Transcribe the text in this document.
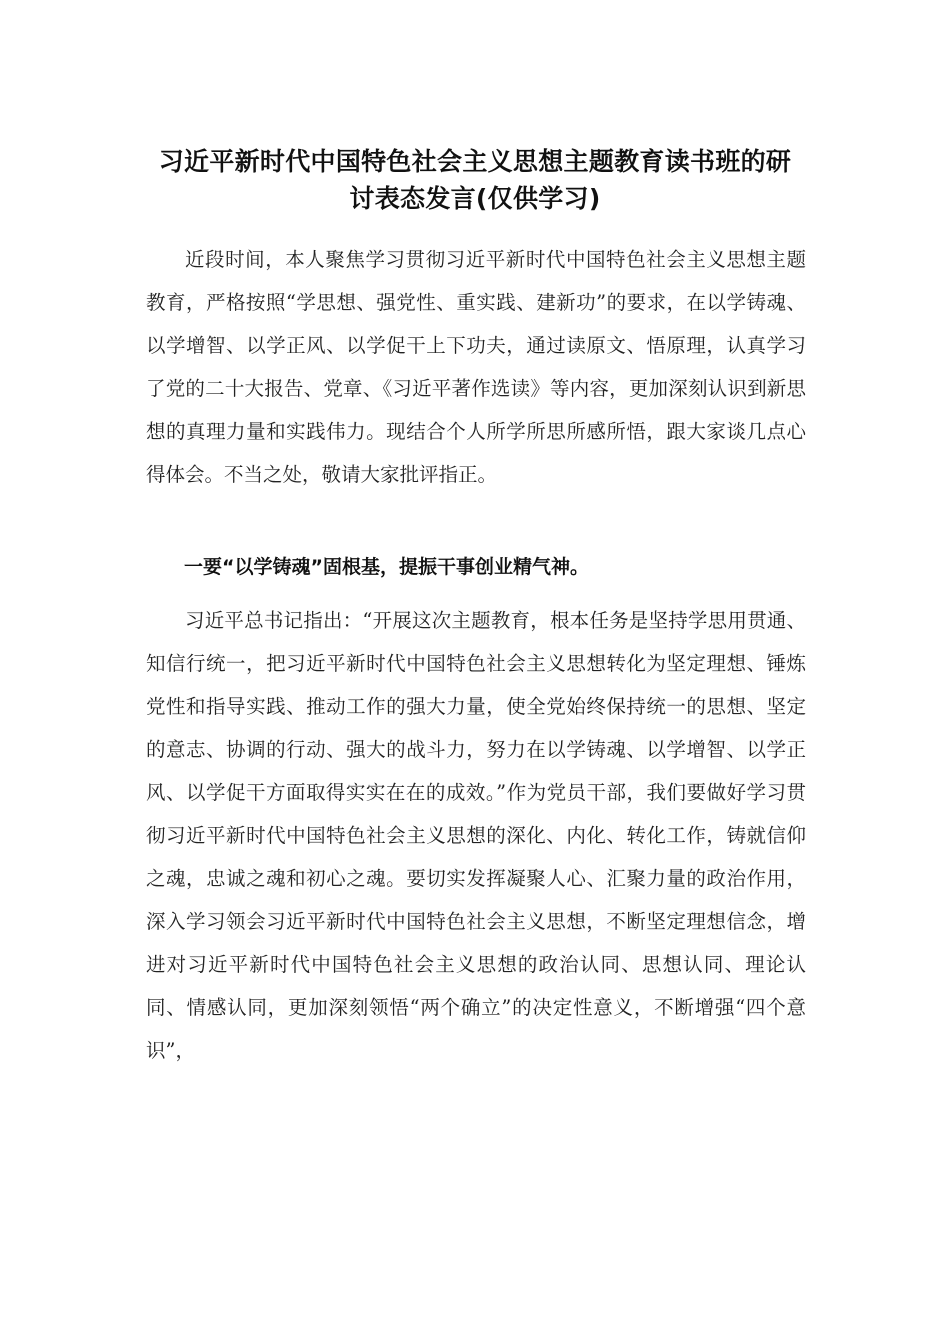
习近平新时代中国特色社会主义思想主题教育读书班的研
讨表态发言(仅供学习)

近段时间，本人聚焦学习贯彻习近平新时代中国特色社会主义思想主题教育，严格按照“学思想、强党性、重实践、建新功”的要求，在以学铸魂、以学增智、以学正风、以学促干上下功夫，通过读原文、悟原理，认真学习了党的二十大报告、党章、《习近平著作选读》等内容，更加深刻认识到新思想的真理力量和实践伟力。现结合个人所学所思所感所悟，跟大家谈几点心得体会。不当之处，敬请大家批评指正。

一要“以学铸魂”固根基，提振干事创业精气神。

习近平总书记指出：“开展这次主题教育，根本任务是坚持学思用贯通、知信行统一，把习近平新时代中国特色社会主义思想转化为坚定理想、锤炼党性和指导实践、推动工作的强大力量，使全党始终保持统一的思想、坚定的意志、协调的行动、强大的战斗力，努力在以学铸魂、以学增智、以学正风、以学促干方面取得实实在在的成效。”作为党员干部，我们要做好学习贯彻习近平新时代中国特色社会主义思想的深化、内化、转化工作，铸就信仰之魂，忠诚之魂和初心之魂。要切实发挥凝聚人心、汇聚力量的政治作用，深入学习领会习近平新时代中国特色社会主义思想，不断坚定理想信念，增进对习近平新时代中国特色社会主义思想的政治认同、思想认同、理论认同、情感认同，更加深刻领悟“两个确立”的决定性意义，不断增强“四个意识”，
